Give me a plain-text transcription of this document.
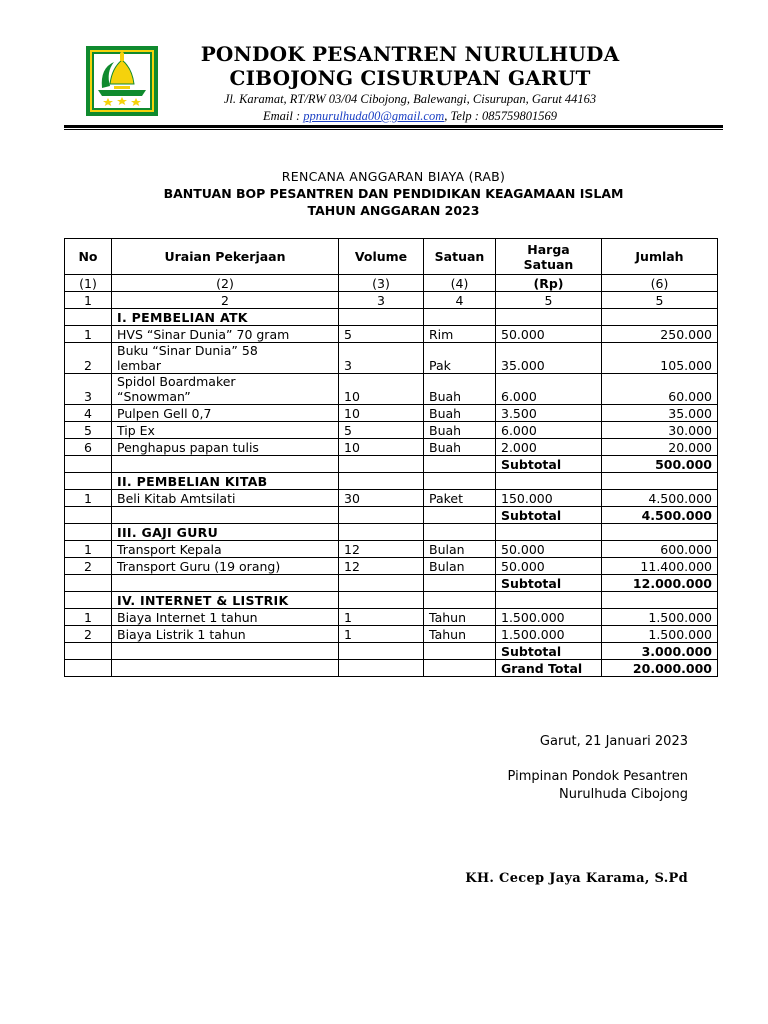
PONDOK PESANTREN NURULHUDA
CIBOJONG CISURUPAN GARUT
Jl. Karamat, RT/RW 03/04 Cibojong, Balewangi, Cisurupan, Garut 44163
Email : ppnurulhuda00@gmail.com, Telp : 085759801569
RENCANA ANGGARAN BIAYA (RAB)
BANTUAN BOP PESANTREN DAN PENDIDIKAN KEAGAMAAN ISLAM
TAHUN ANGGARAN 2023
No	Uraian Pekerjaan	Volume	Satuan	Harga
Satuan	Jumlah
(1)	(2)	(3)	(4)	(Rp)	(6)
1	2	3	4	5	5
	I. PEMBELIAN ATK				
1	HVS “Sinar Dunia” 70 gram	5	Rim	50.000	250.000
2	Buku “Sinar Dunia” 58
lembar	3	Pak	35.000	105.000
3	Spidol Boardmaker
“Snowman”	10	Buah	6.000	60.000
4	Pulpen Gell 0,7	10	Buah	3.500	35.000
5	Tip Ex	5	Buah	6.000	30.000
6	Penghapus papan tulis	10	Buah	2.000	20.000
				Subtotal	500.000
	II. PEMBELIAN KITAB				
1	Beli Kitab Amtsilati	30	Paket	150.000	4.500.000
				Subtotal	4.500.000
	III. GAJI GURU				
1	Transport Kepala	12	Bulan	50.000	600.000
2	Transport Guru (19 orang)	12	Bulan	50.000	11.400.000
				Subtotal	12.000.000
	IV. INTERNET & LISTRIK				
1	Biaya Internet 1 tahun	1	Tahun	1.500.000	1.500.000
2	Biaya Listrik 1 tahun	1	Tahun	1.500.000	1.500.000
				Subtotal	3.000.000
				Grand Total	20.000.000
Garut, 21 Januari 2023
Pimpinan Pondok Pesantren
Nurulhuda Cibojong
KH. Cecep Jaya Karama, S.Pd
